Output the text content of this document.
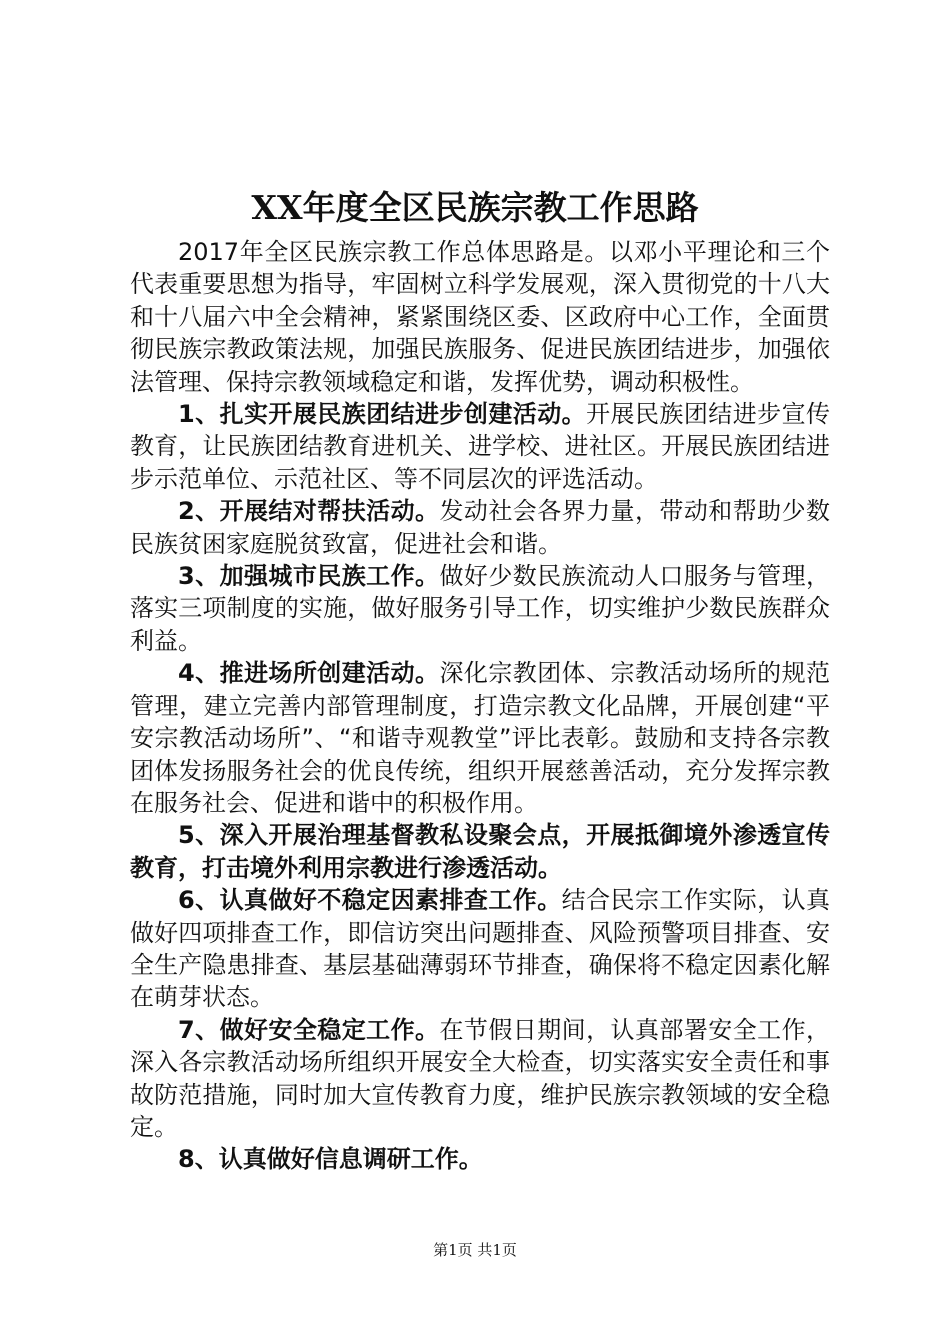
XX年度全区民族宗教工作思路

2017年全区民族宗教工作总体思路是。以邓小平理论和三个代表重要思想为指导，牢固树立科学发展观，深入贯彻党的十八大和十八届六中全会精神，紧紧围绕区委、区政府中心工作，全面贯彻民族宗教政策法规，加强民族服务、促进民族团结进步，加强依法管理、保持宗教领域稳定和谐，发挥优势，调动积极性。

1、扎实开展民族团结进步创建活动。开展民族团结进步宣传教育，让民族团结教育进机关、进学校、进社区。开展民族团结进步示范单位、示范社区、等不同层次的评选活动。

2、开展结对帮扶活动。发动社会各界力量，带动和帮助少数民族贫困家庭脱贫致富，促进社会和谐。

3、加强城市民族工作。做好少数民族流动人口服务与管理，落实三项制度的实施，做好服务引导工作，切实维护少数民族群众利益。

4、推进场所创建活动。深化宗教团体、宗教活动场所的规范管理，建立完善内部管理制度，打造宗教文化品牌，开展创建“平安宗教活动场所”、“和谐寺观教堂”评比表彰。鼓励和支持各宗教团体发扬服务社会的优良传统，组织开展慈善活动，充分发挥宗教在服务社会、促进和谐中的积极作用。

5、深入开展治理基督教私设聚会点，开展抵御境外渗透宣传教育，打击境外利用宗教进行渗透活动。

6、认真做好不稳定因素排查工作。结合民宗工作实际，认真做好四项排查工作，即信访突出问题排查、风险预警项目排查、安全生产隐患排查、基层基础薄弱环节排查，确保将不稳定因素化解在萌芽状态。

7、做好安全稳定工作。在节假日期间，认真部署安全工作，深入各宗教活动场所组织开展安全大检查，切实落实安全责任和事故防范措施，同时加大宣传教育力度，维护民族宗教领域的安全稳定。

8、认真做好信息调研工作。

第1页 共1页
